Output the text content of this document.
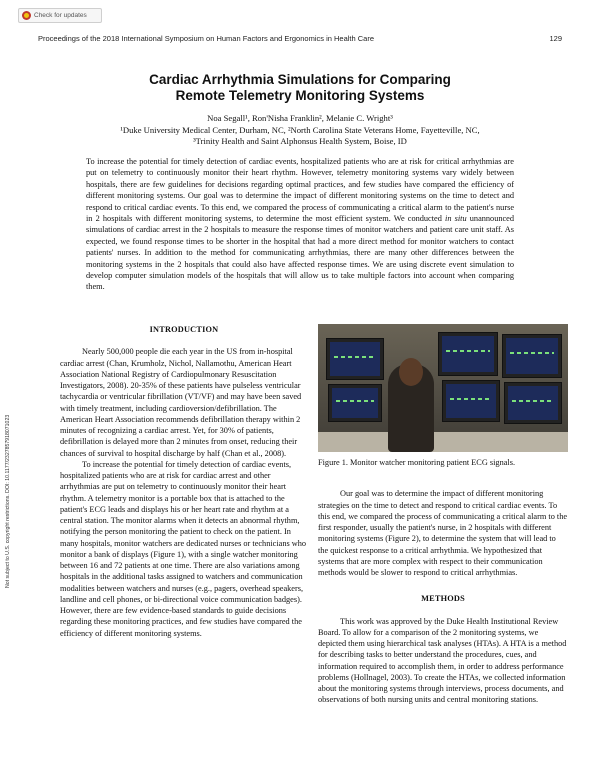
Check for updates
Proceedings of the 2018 International Symposium on Human Factors and Ergonomics in Health Care	129
Cardiac Arrhythmia Simulations for Comparing
Remote Telemetry Monitoring Systems
Noa Segall¹, Ron'Nisha Franklin², Melanie C. Wright³
¹Duke University Medical Center, Durham, NC, ²North Carolina State Veterans Home, Fayetteville, NC,
³Trinity Health and Saint Alphonsus Health System, Boise, ID
To increase the potential for timely detection of cardiac events, hospitalized patients who are at risk for critical arrhythmias are put on telemetry to continuously monitor their heart rhythm. However, telemetry monitoring systems vary widely between hospitals, there are few guidelines for decisions regarding optimal practices, and few studies have compared the efficiency of different monitoring systems. Our goal was to determine the impact of different monitoring systems on the time to detect and respond to critical cardiac events. To this end, we compared the process of communicating a critical alarm to the patient's nurse in 2 hospitals with different monitoring systems, to determine the most efficient system. We conducted in situ unannounced simulations of cardiac arrest in the 2 hospitals to measure the response times of monitor watchers and patient care unit staff. As expected, we found response times to be shorter in the hospital that had a more direct method for monitor watchers to contact patients' nurses. In addition to the method for communicating arrhythmias, there are many other differences between the monitoring systems in the 2 hospitals that could also have affected response times. We are using discrete event simulation to develop computer simulation models of the hospitals that will allow us to take multiple factors into account when comparing them.
INTRODUCTION

Nearly 500,000 people die each year in the US from in-hospital cardiac arrest (Chan, Krumholz, Nichol, Nallamothu, American Heart Association National Registry of Cardiopulmonary Resuscitation Investigators, 2008). 20-35% of these patients have pulseless ventricular tachycardia or ventricular fibrillation (VT/VF) and may have been saved with timely treatment, including cardioversion/defibrillation. The American Heart Association recommends defibrillation therapy within 2 minutes of recognizing a cardiac arrest. Yet, for 30% of patients, defibrillation is delayed more than 2 minutes from onset, reducing their chances of survival to hospital discharge by half (Chan et al., 2008).

To increase the potential for timely detection of cardiac events, hospitalized patients who are at risk for cardiac arrest and other arrhythmias are put on telemetry to continuously monitor their heart rhythm. A telemetry monitor is a portable box that is attached to the patient's ECG leads and displays his or her heart rate and rhythm at a central station. The monitor alarms when it detects an abnormal rhythm, notifying the person monitoring the patient to check on the patient. In many hospitals, monitor watchers are dedicated nurses or technicians who monitor a bank of displays (Figure 1), with a single watcher monitoring between 16 and 72 patients at one time. There are also variations among hospitals in the additional tasks assigned to watchers and communication modalities between watchers and nurses (e.g., pagers, overhead speakers, landline and cell phones, or bi-directional voice communication badges). However, there are few evidence-based standards to guide decisions regarding these monitoring practices, and few studies have compared the efficiency of different monitoring systems.

Figure 1. Monitor watcher monitoring patient ECG signals.

Our goal was to determine the impact of different monitoring strategies on the time to detect and respond to critical cardiac events. To this end, we compared the process of communicating a critical alarm to the first responder, usually the patient's nurse, in 2 hospitals with different monitoring systems (Figure 2), to determine the system that will lead to the quickest response to a critical arrhythmia. We hypothesized that systems that are more complex with respect to their communication methods would be slower to respond to critical arrhythmias.

METHODS

This work was approved by the Duke Health Institutional Review Board. To allow for a comparison of the 2 monitoring systems, we depicted them using hierarchical task analyses (HTAs). A HTA is a method for describing tasks to better understand the procedures, cues, and information required to accomplish them, in order to address performance problems (Hollnagel, 2003). To create the HTAs, we collected information about the monitoring systems through interviews, process documents, and observations of both nursing units and central monitoring stations.

Not subject to U.S. copyright restrictions. DOI: 10.1177/2327857918071023
